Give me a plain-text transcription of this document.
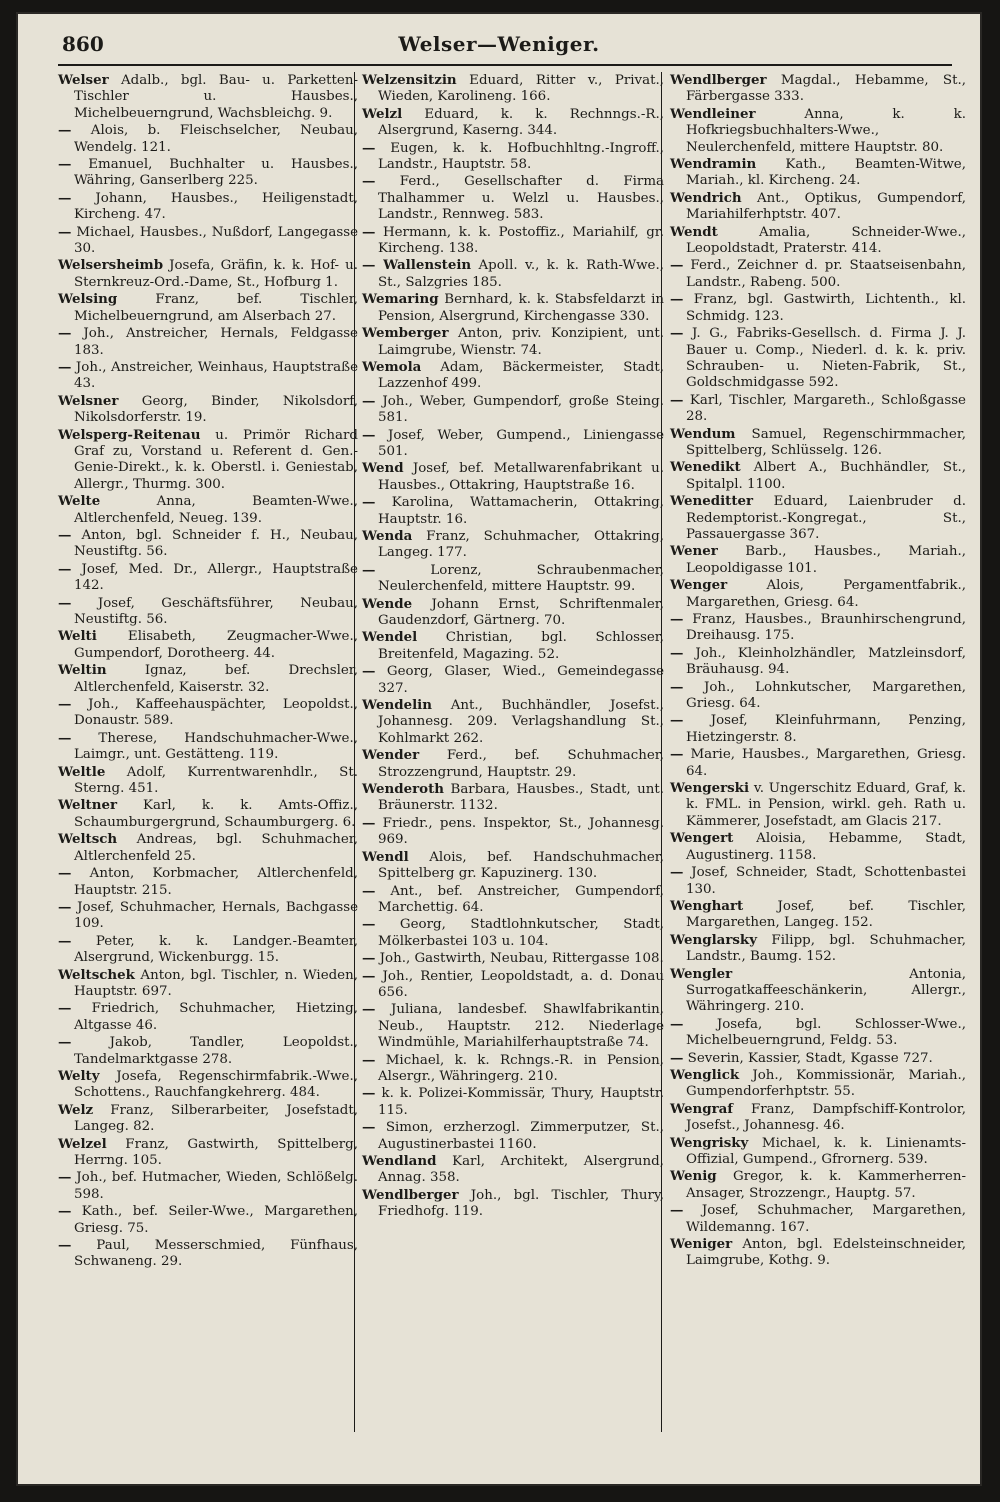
860	Welser—Weniger.

Welser Adalb., bgl. Bau- u. Parketten-Tischler u. Hausbes., Michelbeuerngrund, Wachsbleichg. 9.

— Alois, b. Fleischselcher, Neubau, Wendelg. 121.

— Emanuel, Buchhalter u. Hausbes., Währing, Ganserlberg 225.

— Johann, Hausbes., Heiligenstadt, Kircheng. 47.

— Michael, Hausbes., Nußdorf, Langegasse 30.

Welsersheimb Josefa, Gräfin, k. k. Hof- u. Sternkreuz-Ord.-Dame, St., Hofburg 1.

Welsing Franz, bef. Tischler, Michelbeuerngrund, am Alserbach 27.

— Joh., Anstreicher, Hernals, Feldgasse 183.

— Joh., Anstreicher, Weinhaus, Hauptstraße 43.

Welsner Georg, Binder, Nikolsdorf, Nikolsdorferstr. 19.

Welsperg-Reitenau u. Primör Richard Graf zu, Vorstand u. Referent d. Gen.-Genie-Direkt., k. k. Oberstl. i. Geniestab, Allergr., Thurmg. 300.

Welte Anna, Beamten-Wwe., Altlerchenfeld, Neueg. 139.

— Anton, bgl. Schneider f. H., Neubau, Neustiftg. 56.

— Josef, Med. Dr., Allergr., Hauptstraße 142.

— Josef, Geschäftsführer, Neubau, Neustiftg. 56.

Welti Elisabeth, Zeugmacher-Wwe., Gumpendorf, Dorotheerg. 44.

Weltin Ignaz, bef. Drechsler, Altlerchenfeld, Kaiserstr. 32.

— Joh., Kaffeehauspächter, Leopoldst., Donaustr. 589.

— Therese, Handschuhmacher-Wwe., Laimgr., unt. Gestätteng. 119.

Weltle Adolf, Kurrentwarenhdlr., St. Sterng. 451.

Weltner Karl, k. k. Amts-Offiz., Schaumburgergrund, Schaumburgerg. 6.

Weltsch Andreas, bgl. Schuhmacher, Altlerchenfeld 25.

— Anton, Korbmacher, Altlerchenfeld, Hauptstr. 215.

— Josef, Schuhmacher, Hernals, Bachgasse 109.

— Peter, k. k. Landger.-Beamter, Alsergrund, Wickenburgg. 15.

Weltschek Anton, bgl. Tischler, n. Wieden, Hauptstr. 697.

— Friedrich, Schuhmacher, Hietzing, Altgasse 46.

— Jakob, Tandler, Leopoldst., Tandelmarktgasse 278.

Welty Josefa, Regenschirmfabrik.-Wwe., Schottens., Rauchfangkehrerg. 484.

Welz Franz, Silberarbeiter, Josefstadt, Langeg. 82.

Welzel Franz, Gastwirth, Spittelberg, Herrng. 105.

— Joh., bef. Hutmacher, Wieden, Schlößelg. 598.

— Kath., bef. Seiler-Wwe., Margarethen, Griesg. 75.

— Paul, Messerschmied, Fünfhaus, Schwaneng. 29.

Welzensitzin Eduard, Ritter v., Privat., Wieden, Karolineng. 166.

Welzl Eduard, k. k. Rechnngs.-R., Alsergrund, Kaserng. 344.

— Eugen, k. k. Hofbuchhltng.-Ingroff., Landstr., Hauptstr. 58.

— Ferd., Gesellschafter d. Firma Thalhammer u. Welzl u. Hausbes., Landstr., Rennweg. 583.

— Hermann, k. k. Postoffiz., Mariahilf, gr. Kircheng. 138.

— Wallenstein Apoll. v., k. k. Rath-Wwe., St., Salzgries 185.

Wemaring Bernhard, k. k. Stabsfeldarzt in Pension, Alsergrund, Kirchengasse 330.

Wemberger Anton, priv. Konzipient, unt. Laimgrube, Wienstr. 74.

Wemola Adam, Bäckermeister, Stadt, Lazzenhof 499.

— Joh., Weber, Gumpendorf, große Steing. 581.

— Josef, Weber, Gumpend., Liniengasse 501.

Wend Josef, bef. Metallwarenfabrikant u. Hausbes., Ottakring, Hauptstraße 16.

— Karolina, Wattamacherin, Ottakring, Hauptstr. 16.

Wenda Franz, Schuhmacher, Ottakring, Langeg. 177.

— Lorenz, Schraubenmacher, Neulerchenfeld, mittere Hauptstr. 99.

Wende Johann Ernst, Schriftenmaler, Gaudenzdorf, Gärtnerg. 70.

Wendel Christian, bgl. Schlosser, Breitenfeld, Magazing. 52.

— Georg, Glaser, Wied., Gemeindegasse 327.

Wendelin Ant., Buchhändler, Josefst., Johannesg. 209. Verlagshandlung St., Kohlmarkt 262.

Wender Ferd., bef. Schuhmacher, Strozzengrund, Hauptstr. 29.

Wenderoth Barbara, Hausbes., Stadt, unt. Bräunerstr. 1132.

— Friedr., pens. Inspektor, St., Johannesg. 969.

Wendl Alois, bef. Handschuhmacher, Spittelberg gr. Kapuzinerg. 130.

— Ant., bef. Anstreicher, Gumpendorf, Marchettig. 64.

— Georg, Stadtlohnkutscher, Stadt, Mölkerbastei 103 u. 104.

— Joh., Gastwirth, Neubau, Rittergasse 108.

— Joh., Rentier, Leopoldstadt, a. d. Donau 656.

— Juliana, landesbef. Shawlfabrikantin, Neub., Hauptstr. 212. Niederlage Windmühle, Mariahilferhauptstraße 74.

— Michael, k. k. Rchngs.-R. in Pension, Alsergr., Währingerg. 210.

— k. k. Polizei-Kommissär, Thury, Hauptstr. 115.

— Simon, erzherzogl. Zimmerputzer, St., Augustinerbastei 1160.

Wendland Karl, Architekt, Alsergrund, Annag. 358.

Wendlberger Joh., bgl. Tischler, Thury, Friedhofg. 119.

Wendlberger Magdal., Hebamme, St., Färbergasse 333.

Wendleiner Anna, k. k. Hofkriegsbuchhalters-Wwe., Neulerchenfeld, mittere Hauptstr. 80.

Wendramin Kath., Beamten-Witwe, Mariah., kl. Kircheng. 24.

Wendrich Ant., Optikus, Gumpendorf, Mariahilferhptstr. 407.

Wendt Amalia, Schneider-Wwe., Leopoldstadt, Praterstr. 414.

— Ferd., Zeichner d. pr. Staatseisenbahn, Landstr., Rabeng. 500.

— Franz, bgl. Gastwirth, Lichtenth., kl. Schmidg. 123.

— J. G., Fabriks-Gesellsch. d. Firma J. J. Bauer u. Comp., Niederl. d. k. k. priv. Schrauben- u. Nieten-Fabrik, St., Goldschmidgasse 592.

— Karl, Tischler, Margareth., Schloßgasse 28.

Wendum Samuel, Regenschirmmacher, Spittelberg, Schlüsselg. 126.

Wenedikt Albert A., Buchhändler, St., Spitalpl. 1100.

Weneditter Eduard, Laienbruder d. Redemptorist.-Kongregat., St., Passauergasse 367.

Wener Barb., Hausbes., Mariah., Leopoldigasse 101.

Wenger Alois, Pergamentfabrik., Margarethen, Griesg. 64.

— Franz, Hausbes., Braunhirschengrund, Dreihausg. 175.

— Joh., Kleinholzhändler, Matzleinsdorf, Bräuhausg. 94.

— Joh., Lohnkutscher, Margarethen, Griesg. 64.

— Josef, Kleinfuhrmann, Penzing, Hietzingerstr. 8.

— Marie, Hausbes., Margarethen, Griesg. 64.

Wengerski v. Ungerschitz Eduard, Graf, k. k. FML. in Pension, wirkl. geh. Rath u. Kämmerer, Josefstadt, am Glacis 217.

Wengert Aloisia, Hebamme, Stadt, Augustinerg. 1158.

— Josef, Schneider, Stadt, Schottenbastei 130.

Wenghart Josef, bef. Tischler, Margarethen, Langeg. 152.

Wenglarsky Filipp, bgl. Schuhmacher, Landstr., Baumg. 152.

Wengler Antonia, Surrogatkaffeeschänkerin, Allergr., Währingerg. 210.

— Josefa, bgl. Schlosser-Wwe., Michelbeuerngrund, Feldg. 53.

— Severin, Kassier, Stadt, Kgasse 727.

Wenglick Joh., Kommissionär, Mariah., Gumpendorferhptstr. 55.

Wengraf Franz, Dampfschiff-Kontrolor, Josefst., Johannesg. 46.

Wengrisky Michael, k. k. Linienamts-Offizial, Gumpend., Gfrornerg. 539.

Wenig Gregor, k. k. Kammerherren-Ansager, Strozzengr., Hauptg. 57.

— Josef, Schuhmacher, Margarethen, Wildemanng. 167.

Weniger Anton, bgl. Edelsteinschneider, Laimgrube, Kothg. 9.
